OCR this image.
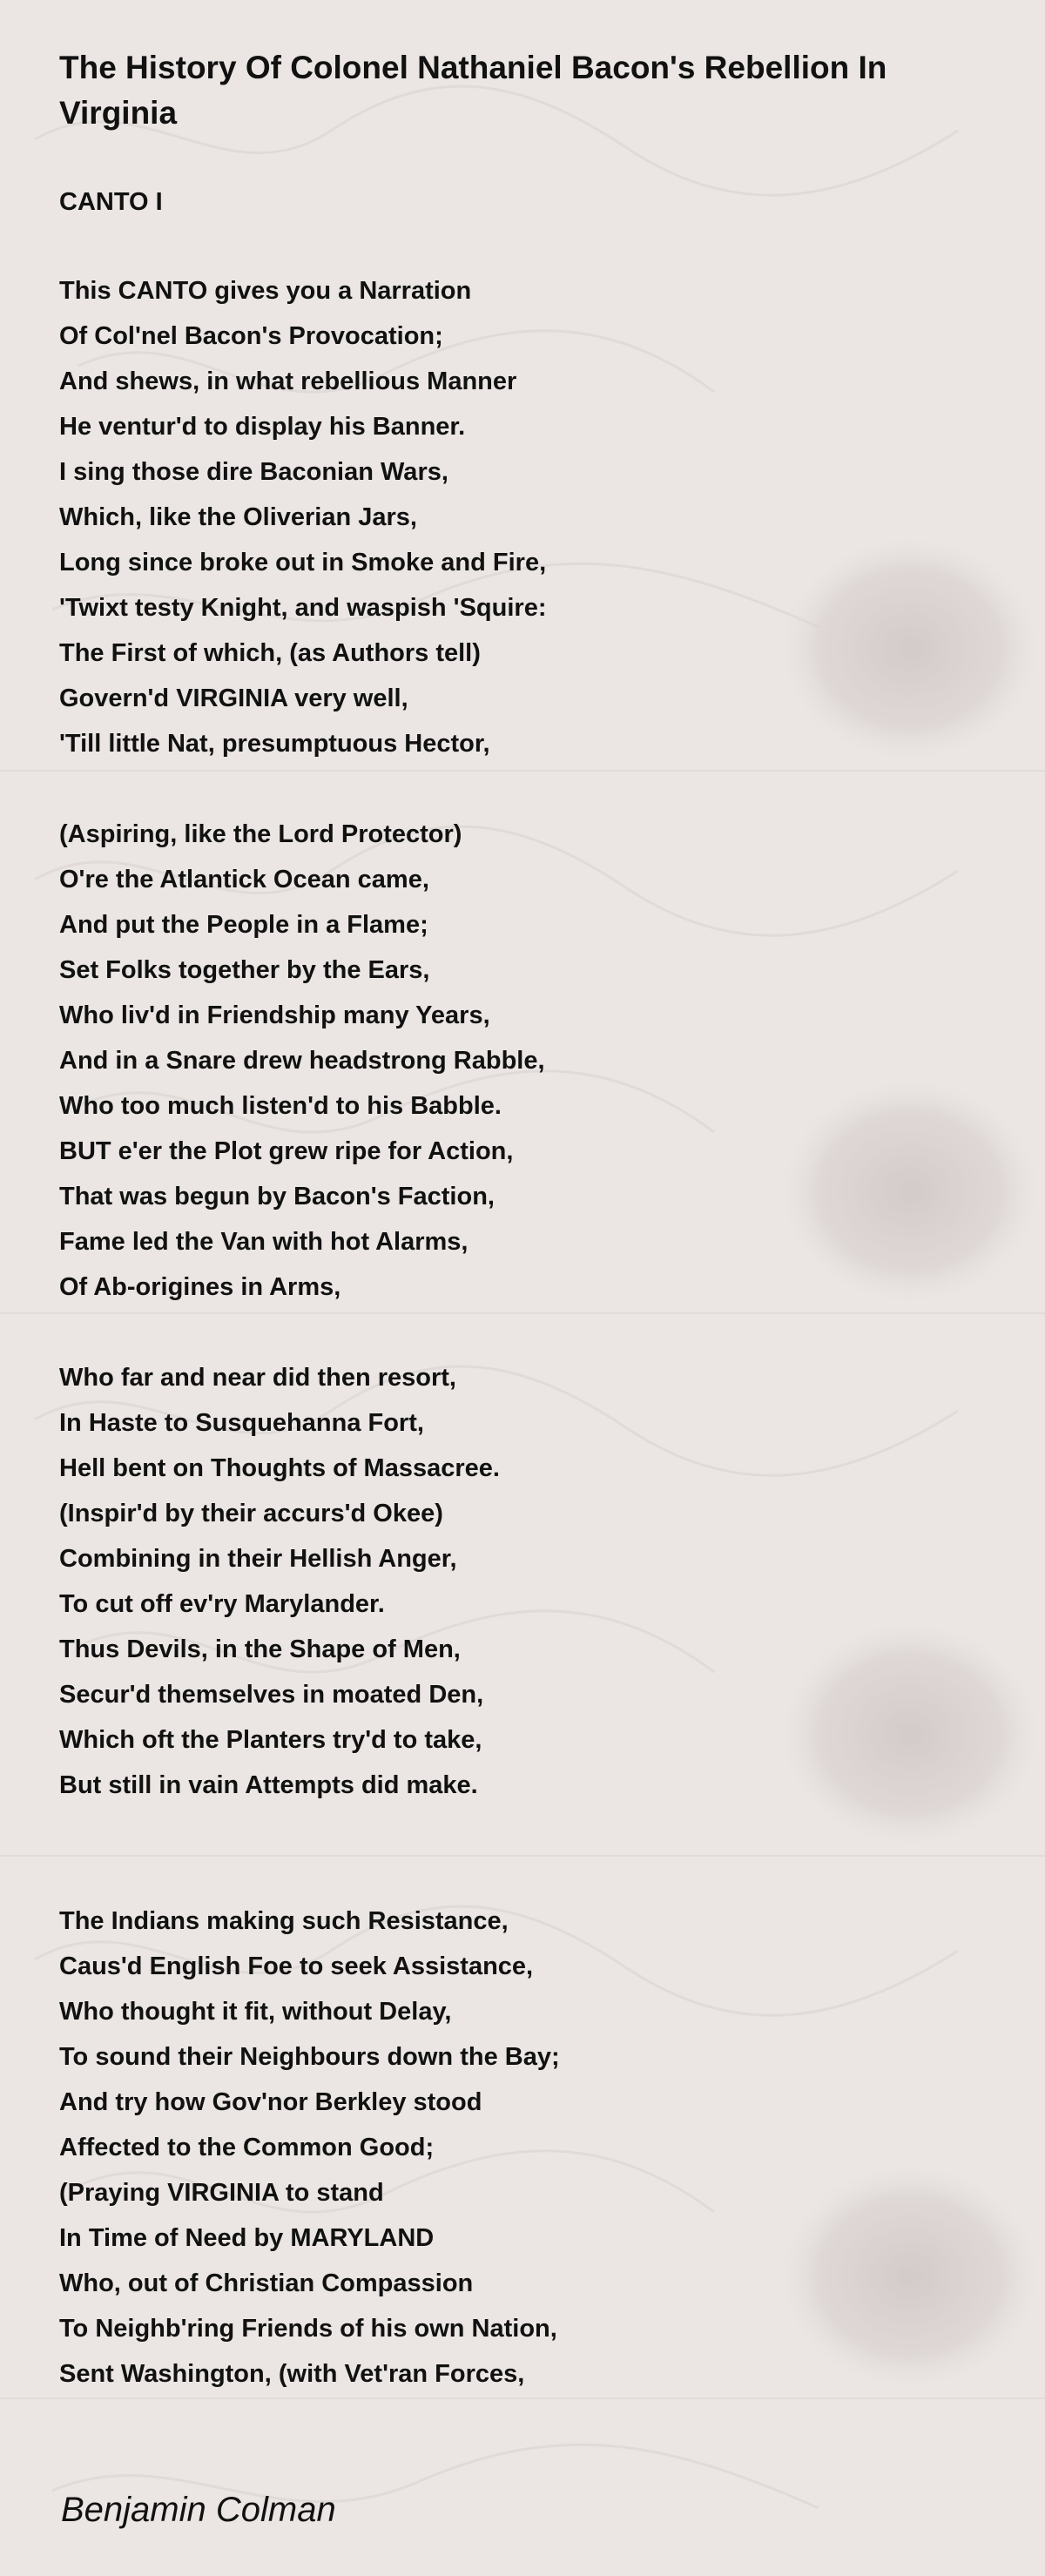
The History Of Colonel Nathaniel Bacon's Rebellion In Virginia
CANTO I
This CANTO gives you a Narration
Of Col'nel Bacon's Provocation;
And shews, in what rebellious Manner
He ventur'd to display his Banner.
I sing those dire Baconian Wars,
Which, like the Oliverian Jars,
Long since broke out in Smoke and Fire,
'Twixt testy Knight, and waspish 'Squire:
The First of which, (as Authors tell)
Govern'd VIRGINIA very well,
'Till little Nat, presumptuous Hector,
(Aspiring, like the Lord Protector)
O're the Atlantick Ocean came,
And put the People in a Flame;
Set Folks together by the Ears,
Who liv'd in Friendship many Years,
And in a Snare drew headstrong Rabble,
Who too much listen'd to his Babble.
BUT e'er the Plot grew ripe for Action,
That was begun by Bacon's Faction,
Fame led the Van with hot Alarms,
Of Ab-origines in Arms,
Who far and near did then resort,
In Haste to Susquehanna Fort,
Hell bent on Thoughts of Massacree.
(Inspir'd by their accurs'd Okee)
Combining in their Hellish Anger,
To cut off ev'ry Marylander.
Thus Devils, in the Shape of Men,
Secur'd themselves in moated Den,
Which oft the Planters try'd to take,
But still in vain Attempts did make.
The Indians making such Resistance,
Caus'd English Foe to seek Assistance,
Who thought it fit, without Delay,
To sound their Neighbours down the Bay;
And try how Gov'nor Berkley stood
Affected to the Common Good;
(Praying VIRGINIA to stand
In Time of Need by MARYLAND
Who, out of Christian Compassion
To Neighb'ring Friends of his own Nation,
Sent Washington, (with Vet'ran Forces,
Benjamin Colman
